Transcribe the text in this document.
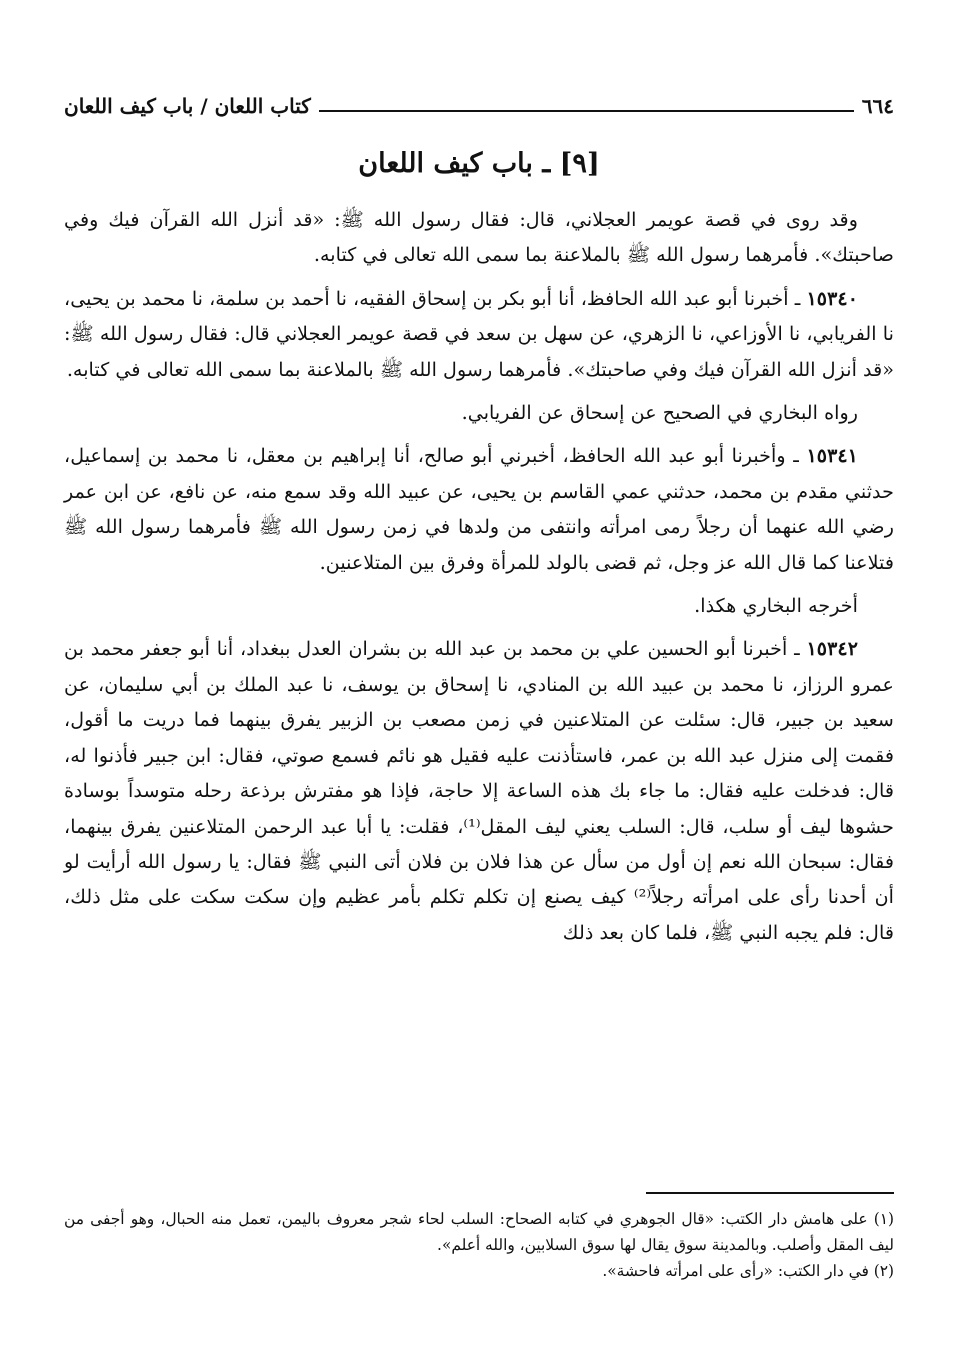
٦٦٤
كتاب اللعان / باب كيف اللعان
[٩] ـ باب كيف اللعان

وقد روى في قصة عويمر العجلاني، قال: فقال رسول الله ﷺ: «قد أنزل الله القرآن فيك وفي صاحبتك». فأمرهما رسول الله ﷺ بالملاعنة بما سمى الله تعالى في كتابه.

١٥٣٤٠ ـ أخبرنا أبو عبد الله الحافظ، أنا أبو بكر بن إسحاق الفقيه، نا أحمد بن سلمة، نا محمد بن يحيى، نا الفريابي، نا الأوزاعي، نا الزهري، عن سهل بن سعد في قصة عويمر العجلاني قال: فقال رسول الله ﷺ: «قد أنزل الله القرآن فيك وفي صاحبتك». فأمرهما رسول الله ﷺ بالملاعنة بما سمى الله تعالى في كتابه.

رواه البخاري في الصحيح عن إسحاق عن الفريابي.

١٥٣٤١ ـ وأخبرنا أبو عبد الله الحافظ، أخبرني أبو صالح، أنا إبراهيم بن معقل، نا محمد بن إسماعيل، حدثني مقدم بن محمد، حدثني عمي القاسم بن يحيى، عن عبيد الله وقد سمع منه، عن نافع، عن ابن عمر رضي الله عنهما أن رجلاً رمى امرأته وانتفى من ولدها في زمن رسول الله ﷺ فأمرهما رسول الله ﷺ فتلاعنا كما قال الله عز وجل، ثم قضى بالولد للمرأة وفرق بين المتلاعنين.

أخرجه البخاري هكذا.

١٥٣٤٢ ـ أخبرنا أبو الحسين علي بن محمد بن عبد الله بن بشران العدل ببغداد، أنا أبو جعفر محمد بن عمرو الرزاز، نا محمد بن عبيد الله بن المنادي، نا إسحاق بن يوسف، نا عبد الملك بن أبي سليمان، عن سعيد بن جبير، قال: سئلت عن المتلاعنين في زمن مصعب بن الزبير يفرق بينهما فما دريت ما أقول، فقمت إلى منزل عبد الله بن عمر، فاستأذنت عليه فقيل هو نائم فسمع صوتي، فقال: ابن جبير فأذنوا له، قال: فدخلت عليه فقال: ما جاء بك هذه الساعة إلا حاجة، فإذا هو مفترش برذعة رحله متوسداً بوسادة حشوها ليف أو سلب، قال: السلب يعني ليف المقل⁽¹⁾، فقلت: يا أبا عبد الرحمن المتلاعنين يفرق بينهما، فقال: سبحان الله نعم إن أول من سأل عن هذا فلان بن فلان أتى النبي ﷺ فقال: يا رسول الله أرأيت لو أن أحدنا رأى على امرأته رجلاً⁽²⁾ كيف يصنع إن تكلم تكلم بأمر عظيم وإن سكت سكت على مثل ذلك، قال: فلم يجبه النبي ﷺ، فلما كان بعد ذلك

(١) على هامش دار الكتب: «قال الجوهري في كتابه الصحاح: السلب لحاء شجر معروف باليمن، تعمل منه الحبال، وهو أجفى من ليف المقل وأصلب. وبالمدينة سوق يقال لها سوق السلابين، والله أعلم».

(٢) في دار الكتب: «رأى على امرأته فاحشة».
